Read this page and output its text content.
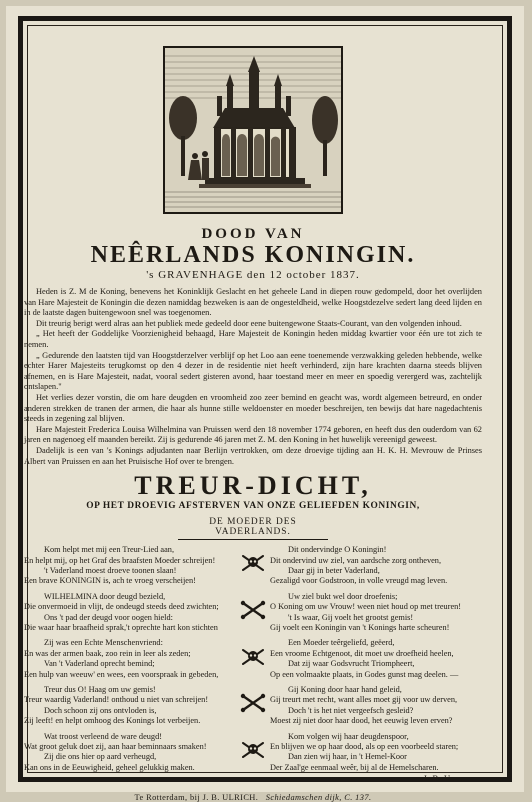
DOOD VAN
NEÊRLANDS KONINGIN.
's GRAVENHAGE den 12 october 1837.

Heden is Z. M de Koning, benevens het Koninklijk Geslacht en het geheele Land in diepen rouw gedompeld, door het overlijden van Hare Majesteit de Koningin die dezen namiddag bezweken is aan de ongesteldheid, welke Hoogstdezelve sedert lang deed lijden en in de laatste dagen buitengewoon snel was toegenomen.

Dit treurig berigt werd alras aan het publiek mede gedeeld door eene buitengewone Staats-Courant, van den volgenden inhoud.

„ Het heeft der Goddelijke Voorzienigheid behaagd, Hare Majesteit de Koningin heden middag kwartier voor één ure tot zich te nemen.

„ Gedurende den laatsten tijd van Hoogstderzelver verblijf op het Loo aan eene toenemende verzwakking geleden hebbende, welke echter Harer Majesteits terugkomst op den 4 dezer in de residentie niet heeft verhinderd, zijn hare krachten daarna steeds blijven afnemen, en is Hare Majesteit, nadat, vooral sedert gisteren avond, haar toestand meer en meer en spoedig verergerd was, zachtelijk ontslapen."

Het verlies dezer vorstin, die om hare deugden en vroomheid zoo zeer bemind en geacht was, wordt algemeen betreurd, en onder anderen strekken de tranen der armen, die haar als hunne stille weldoenster en moeder beschreijen, ten bewijs dat hare nagedachtenis steeds in zegening zal blijven.

Hare Majesteit Frederica Louisa Wilhelmina van Pruissen werd den 18 november 1774 geboren, en heeft dus den ouderdom van 62 jaren en nagenoeg elf maanden bereikt. Zij is gedurende 46 jaren met Z. M. den Koning in het huwelijk vereenigd geweest.

Dadelijk is een van 's Konings adjudanten naar Berlijn vertrokken, om deze droevige tijding aan H. K. H. Mevrouw de Prinses Albert van Pruissen en aan het Pruisische Hof over te brengen.

TREUR-DICHT,
OP HET DROEVIG AFSTERVEN VAN ONZE GELIEFDEN KONINGIN,
DE MOEDER DES VADERLANDS.
Kom helpt met mij een Treur-Lied aan,
En helpt mij, op het Graf des braafsten Moeder schreijen!
't Vaderland moest droeve toonen slaan!
Een brave KONINGIN is, ach te vroeg verscheijen!
Dit ondervindge O Koningin!
Dit ondervind uw ziel, van aardsche zorg ontheven,
Daar gij in beter Vaderland,
Gezaligd voor Godstroon, in volle vreugd mag leven.
WILHELMINA door deugd bezield,
Die onvermoeid in vlijt, de ondeugd steeds deed zwichten;
Ons 't pad der deugd voor oogen hield:
Die waar haar braafheid sprak,'t oprechte hart kon stichten
Uw ziel bukt wel door droefenis;
O Koning om uw Vrouw! ween niet houd op met treuren!
't Is waar, Gij voelt het grootst gemis!
Gij voelt een Koningin van 't Konings harte scheuren!
Zij was een Echte Menschenvriend:
En was der armen baak, zoo rein in leer als zeden;
Van 't Vaderland oprecht bemind;
Een hulp van weeuw' en wees, een voorspraak in gebeden,
Een Moeder teêrgeliefd, geëerd,
Een vroome Echtgenoot, dit moet uw droefheid heelen,
Dat zij waar Godsvrucht Triompheert,
Op een volmaakte plaats, in Godes gunst mag deelen. —
Treur dus O! Haag om uw gemis!
Treur waardig Vaderland! onthoud u niet van schreijen!
Doch schoon zij ons ontvloden is,
Zij leeft! en helpt omhoog des Konings lot verbeijen.
Gij Koning door haar hand geleid,
Gij treurt met recht, want alles moet gij voor uw derven,
Doch 't is het niet vergeefsch gesleid?
Moest zij niet door haar dood, het eeuwig leven erven?
Wat troost verleend de ware deugd!
Wat groot geluk doet zij, aan haar beminnaars smaken!
Zij die ons hier op aard verheugd,
Kan ons in de Eeuwigheid, geheel gelukkig maken.
Kom volgen wij haar deugdenspoor,
En blijven we op haar dood, als op een voorbeeld staren;
Dan zien wij haar, in 't Hemel-Koor
Der Zaal'ge eenmaal weêr, bij al de Hemelscharen.
J. B. U.....
Te Rotterdam, bij J. B. ULRICH. Schiedamschen dijk, C. 137.
